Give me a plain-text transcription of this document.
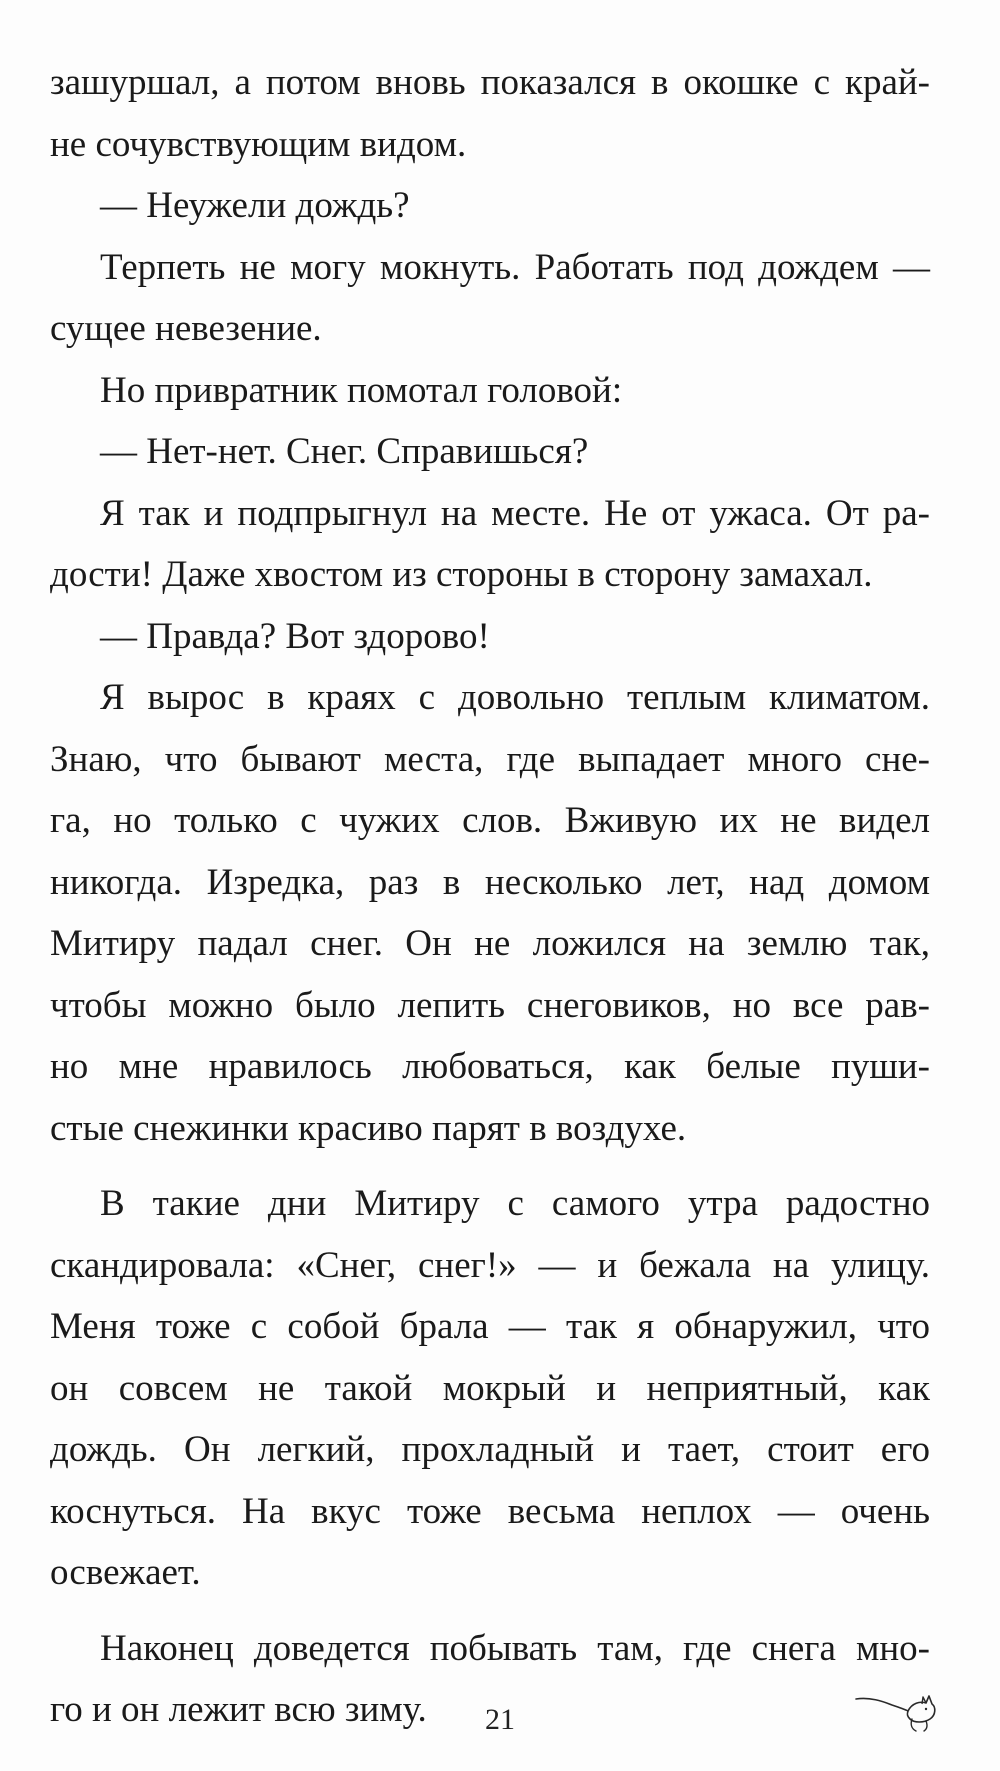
зашуршал, а потом вновь показался в окошке с край-
не сочувствующим видом.
— Неужели дождь?
Терпеть не могу мокнуть. Работать под дождем —
сущее невезение.
Но привратник помотал головой:
— Нет-нет. Снег. Справишься?
Я так и подпрыгнул на месте. Не от ужаса. От ра-
дости! Даже хвостом из стороны в сторону замахал.
— Правда? Вот здорово!
Я вырос в краях с довольно теплым климатом.
Знаю, что бывают места, где выпадает много сне-
га, но только с чужих слов. Вживую их не видел
никогда. Изредка, раз в несколько лет, над домом
Митиру падал снег. Он не ложился на землю так,
чтобы можно было лепить снеговиков, но все рав-
но мне нравилось любоваться, как белые пуши-
стые снежинки красиво парят в воздухе.
В такие дни Митиру с самого утра радостно
скандировала: «Снег, снег!» — и бежала на улицу.
Меня тоже с собой брала — так я обнаружил, что
он совсем не такой мокрый и неприятный, как
дождь. Он легкий, прохладный и тает, стоит его
коснуться. На вкус тоже весьма неплох — очень
освежает.
Наконец доведется побывать там, где снега мно-
го и он лежит всю зиму.	21
